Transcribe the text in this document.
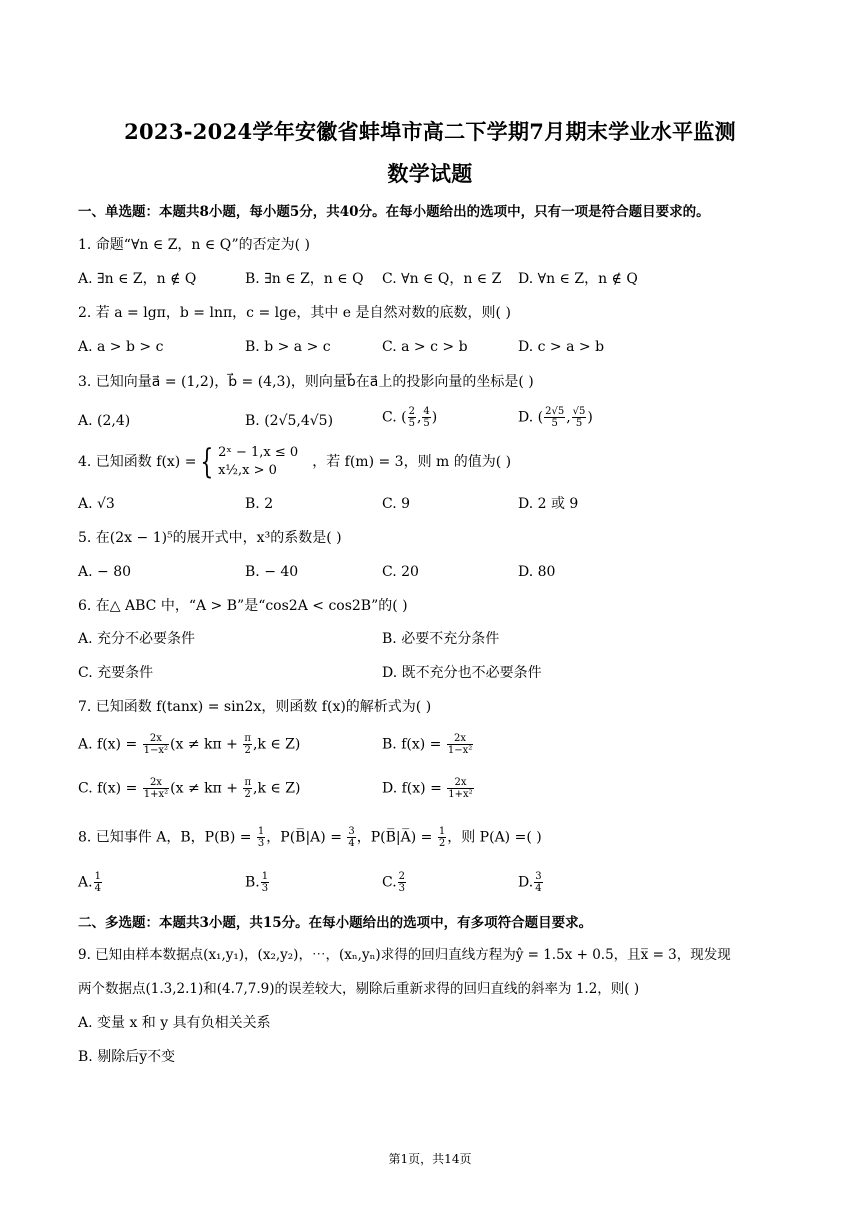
2023-2024学年安徽省蚌埠市高二下学期7月期末学业水平监测
数学试题
一、单选题：本题共8小题，每小题5分，共40分。在每小题给出的选项中，只有一项是符合题目要求的。
1. 命题“∀n ∈ Z，n ∈ Q”的否定为( )
A. ∃n ∈ Z，n ∉ Q	B. ∃n ∈ Z，n ∈ Q C. ∀n ∈ Q，n ∈ Z D. ∀n ∈ Z，n ∉ Q
2. 若 a = lgπ，b = lnπ，c = lge，其中 e 是自然对数的底数，则( )
A. a > b > c	B. b > a > c	C. a > c > b	D. c > a > b
3. 已知向量a⃗ = (1,2)，b⃗ = (4,3)，则向量b⃗在a⃗上的投影向量的坐标是( )
A. (2,4)	B. (2√5,4√5)	C. ( $\frac{2}{5}$ , $\frac{4}{5}$ )	D. ( $\frac{2√5}{5}$ , $\frac{√5}{5}$ )
4. 已知函数 f(x) = { 2ˣ − 1,x ≤ 0
x½,x > 0
，若 f(m) = 3，则 m 的值为( )
A. √3	B. 2	C. 9	D. 2 或 9
5. 在(2x − 1)⁵的展开式中，x³的系数是( )
A. − 80	B. − 40	C. 20	D. 80
6. 在△ ABC 中，“A > B”是“cos2A < cos2B”的( )
A. 充分不必要条件	B. 必要不充分条件
C. 充要条件	D. 既不充分也不必要条件
7. 已知函数 f(tanx) = sin2x，则函数 f(x)的解析式为( )
A. $f(x) = \frac{2x}{\text{1−x²}} (x \ne k\pi + \frac{\pi}{2} ,k$ ∈ Z)	B. $f(x) = \frac{2x}{\text{1−x²}}$
C. $f(x) = \frac{2x}{\text{1+x²}} (x \ne k\pi + \frac{\pi}{2} ,k$ ∈ Z)	D. $f(x) = \frac{2x}{\text{1+x²}}$
8. 已知事件 A，B，$P(B) = \frac{1}{3}$ ，P(B̅|A) = $\frac{3}{4}$ ，P(B̅|A̅) = $\frac{1}{2}$ ，则 P(A) =( )
A. $\frac{1}{4}$	B. $\frac{1}{3}$	C. $\frac{2}{3}$	D. $\frac{3}{4}$
二、多选题：本题共3小题，共15分。在每小题给出的选项中，有多项符合题目要求。
9. 已知由样本数据点(x₁,y₁)，(x₂,y₂)，⋯，(xₙ,yₙ)求得的回归直线方程为ŷ = 1.5x + 0.5，且x̅ = 3，现发现
两个数据点(1.3,2.1)和(4.7,7.9)的误差较大，剔除后重新求得的回归直线的斜率为 1.2，则( )
A. 变量 x 和 y 具有负相关关系
B. 剔除后y̅不变
第1页，共14页
